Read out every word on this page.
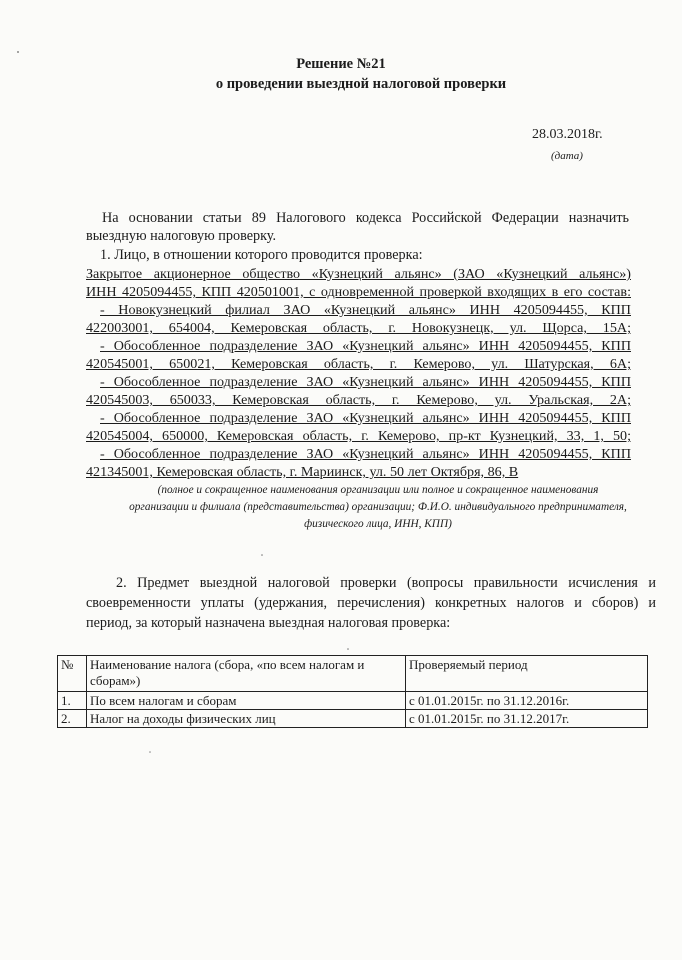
Решение №21
о проведении выездной налоговой проверки
28.03.2018г.
(дата)
На основании статьи 89 Налогового кодекса Российской Федерации назначить выездную налоговую проверку.
1. Лицо, в отношении которого проводится проверка:
Закрытое акционерное общество «Кузнецкий альянс» (ЗАО «Кузнецкий альянс»)
ИНН 4205094455, КПП 420501001, с одновременной проверкой входящих в его состав:
- Новокузнецкий филиал ЗАО «Кузнецкий альянс» ИНН 4205094455, КПП
422003001, 654004, Кемеровская область, г. Новокузнецк, ул. Щорса, 15А;
- Обособленное подразделение ЗАО «Кузнецкий альянс» ИНН 4205094455, КПП
420545001, 650021, Кемеровская область, г. Кемерово, ул. Шатурская, 6А;
- Обособленное подразделение ЗАО «Кузнецкий альянс» ИНН 4205094455, КПП
420545003, 650033, Кемеровская область, г. Кемерово, ул. Уральская, 2А;
- Обособленное подразделение ЗАО «Кузнецкий альянс» ИНН 4205094455, КПП
420545004, 650000, Кемеровская область, г. Кемерово, пр-кт Кузнецкий, 33, 1, 50;
- Обособленное подразделение ЗАО «Кузнецкий альянс» ИНН 4205094455, КПП
421345001, Кемеровская область, г. Мариинск, ул. 50 лет Октября, 86, В
(полное и сокращенное наименования организации или полное и сокращенное наименования
организации и филиала (представительства) организации; Ф.И.О. индивидуального предпринимателя,
физического лица, ИНН, КПП)
2. Предмет выездной налоговой проверки (вопросы правильности исчисления и
своевременности уплаты (удержания, перечисления) конкретных налогов и сборов) и
период, за который назначена выездная налоговая проверка:
№	Наименование налога (сбора, «по всем налогам и сборам»)	Проверяемый период
1.	По всем налогам и сборам	с 01.01.2015г. по 31.12.2016г.
2.	Налог на доходы физических лиц	с 01.01.2015г. по 31.12.2017г.
